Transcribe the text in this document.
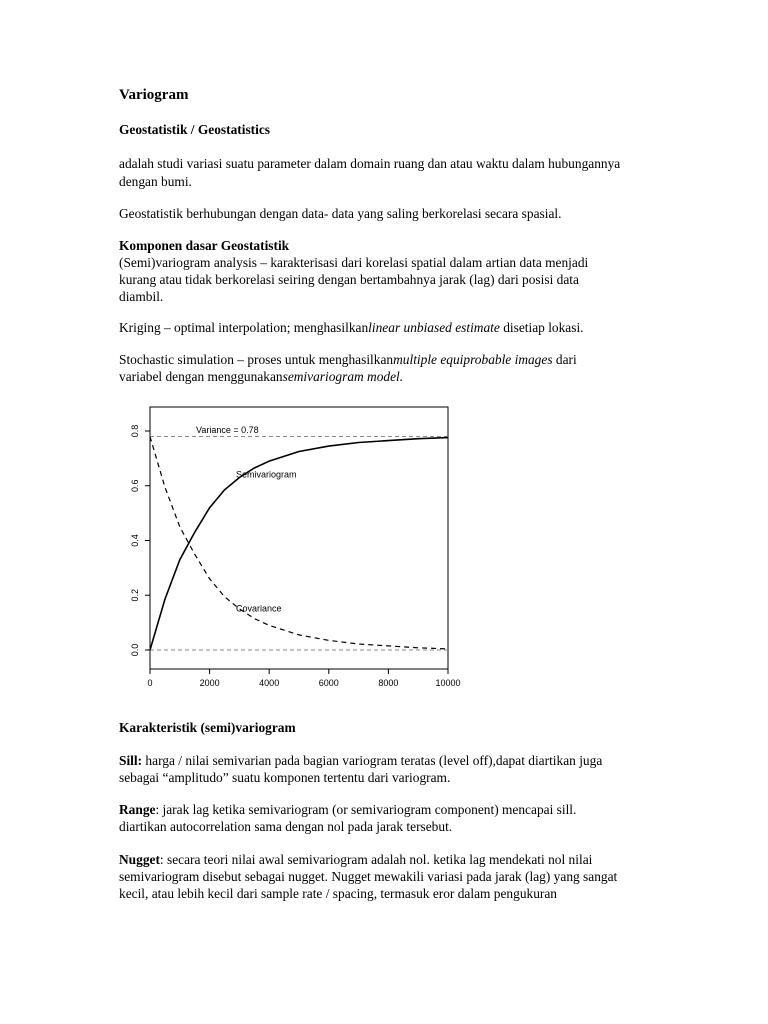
Variogram
Geostatistik / Geostatistics
adalah studi variasi suatu parameter dalam domain ruang dan atau waktu dalam hubungannya
dengan bumi.
Geostatistik berhubungan dengan data- data yang saling berkorelasi secara spasial.
Komponen dasar Geostatistik
(Semi)variogram analysis – karakterisasi dari korelasi spatial dalam artian data menjadi
kurang atau tidak berkorelasi seiring dengan bertambahnya jarak (lag) dari posisi data
diambil.
Kriging – optimal interpolation; menghasilkanlinear unbiased estimate disetiap lokasi.
Stochastic simulation – proses untuk menghasilkanmultiple equiprobable images dari
variabel dengan menggunakansemivariogram model.
0.0
0.2
0.4
0.6
0.8
0	2000	4000	6000	8000	10000
Variance = 0.78
Semivariogram
Covariance
Karakteristik (semi)variogram
Sill: harga / nilai semivarian pada bagian variogram teratas (level off),dapat diartikan juga
sebagai “amplitudo” suatu komponen tertentu dari variogram.
Range: jarak lag ketika semivariogram (or semivariogram component) mencapai sill.
diartikan autocorrelation sama dengan nol pada jarak tersebut.
Nugget: secara teori nilai awal semivariogram adalah nol. ketika lag mendekati nol nilai
semivariogram disebut sebagai nugget. Nugget mewakili variasi pada jarak (lag) yang sangat
kecil, atau lebih kecil dari sample rate / spacing, termasuk eror dalam pengukuran
